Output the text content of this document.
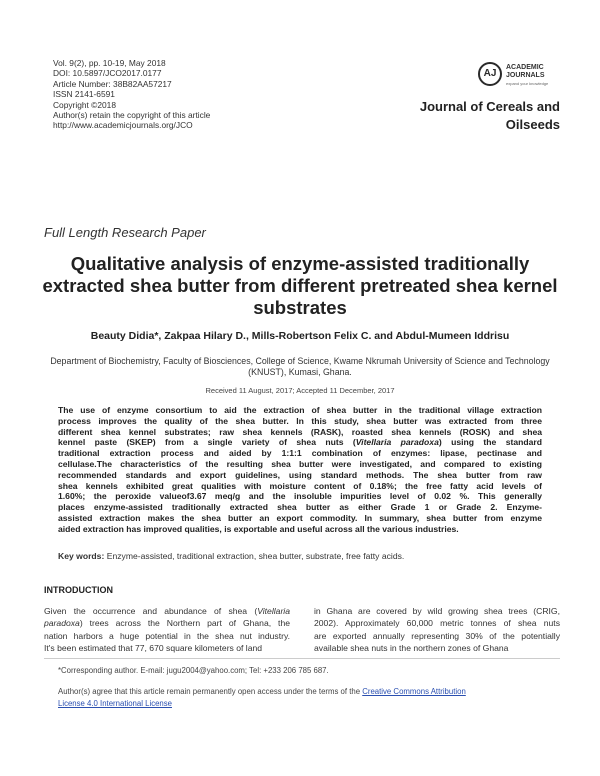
Vol. 9(2), pp. 10-19, May 2018
DOI: 10.5897/JCO2017.0177
Article Number: 38B82AA57217
ISSN 2141-6591
Copyright ©2018
Author(s) retain the copyright of this article
http://www.academicjournals.org/JCO
AJ
ACADEMIC
JOURNALS
expand your knowledge
Journal of Cereals and
Oilseeds
Full Length Research Paper
Qualitative analysis of enzyme-assisted traditionally extracted shea butter from different pretreated shea kernel substrates
Beauty Didia*, Zakpaa Hilary D., Mills-Robertson Felix C. and Abdul-Mumeen Iddrisu
Department of Biochemistry, Faculty of Biosciences, College of Science, Kwame Nkrumah University of Science and Technology (KNUST), Kumasi, Ghana.
Received 11 August, 2017; Accepted 11 December, 2017
The use of enzyme consortium to aid the extraction of shea butter in the traditional village extraction process improves the quality of the shea butter. In this study, shea butter was extracted from three different shea kennel substrates; raw shea kennels (RASK), roasted shea kennels (ROSK) and shea kennel paste (SKEP) from a single variety of shea nuts (Vitellaria paradoxa) using the standard traditional extraction process and aided by 1:1:1 combination of enzymes: lipase, pectinase and cellulase.The characteristics of the resulting shea butter were investigated, and compared to existing recommended standards and export guidelines, using standard methods. The shea butter from raw shea kennels exhibited great qualities with moisture content of 0.18%; the free fatty acid levels of 1.60%; the peroxide valueof3.67 meq/g and the insoluble impurities level of 0.02 %. This generally places enzyme-assisted traditionally extracted shea butter as either Grade 1 or Grade 2. Enzyme- assisted extraction makes the shea butter an export commodity. In summary, shea butter from enzyme aided extraction has improved qualities, is exportable and useful across all the various industries.
Key words: Enzyme-assisted, traditional extraction, shea butter, substrate, free fatty acids.
INTRODUCTION
Given the occurrence and abundance of shea (Vitellaria paradoxa) trees across the Northern part of Ghana, the nation harbors a huge potential in the shea nut industry. It's been estimated that 77, 670 square kilometers of land
in Ghana are covered by wild growing shea trees (CRIG, 2002). Approximately 60,000 metric tonnes of shea nuts are exported annually representing 30% of the potentially available shea nuts in the northern zones of Ghana
*Corresponding author. E-mail: jugu2004@yahoo.com; Tel: +233 206 785 687.
Author(s) agree that this article remain permanently open access under the terms of the Creative Commons Attribution
License 4.0 International License
